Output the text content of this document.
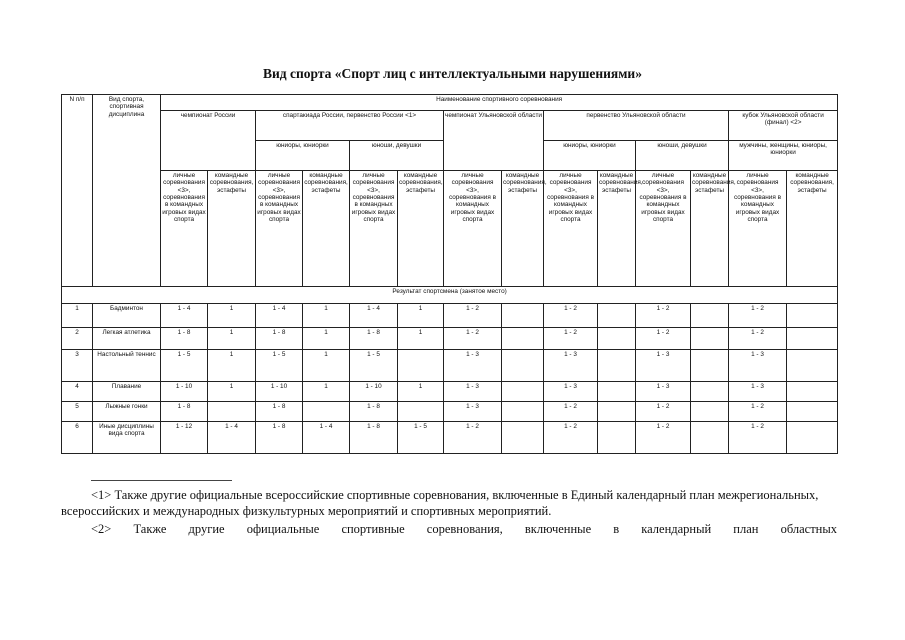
Вид спорта «Спорт лиц с интеллектуальными нарушениями»
N п/п	Вид спорта, спортивная дисциплина	Наименование спортивного соревнования													
		чемпионат России		спартакиада России, первенство России <1>				чемпионат Ульяновской области		первенство Ульяновской области				кубок Ульяновской области (финал) <2>	
				юниоры, юниорки		юноши, девушки				юниоры, юниорки		юноши, девушки		мужчины, женщины, юниоры, юниорки	
		личные соревнования <3>, соревнования в командных игровых видах спорта	командные соревнования, эстафеты	личные соревнования <3>, соревнования в командных игровых видах спорта	командные соревнования, эстафеты	личные соревнования <3>, соревнования в командных игровых видах спорта	командные соревнования, эстафеты	личные соревнования <3>, соревнования в командных игровых видах спорта	командные соревнования, эстафеты	личные соревнования <3>, соревнования в командных игровых видах спорта	командные соревнования, эстафеты	личные соревнования <3>, соревнования в командных игровых видах спорта	командные соревнования, эстафеты	личные соревнования <3>, соревнования в командных игровых видах спорта	командные соревнования, эстафеты
Результат спортсмена (занятое место)															
1	Бадминтон	1 - 4	1	1 - 4	1	1 - 4	1	1 - 2		1 - 2		1 - 2		1 - 2	
2	Легкая атлетика	1 - 8	1	1 - 8	1	1 - 8	1	1 - 2		1 - 2		1 - 2		1 - 2	
3	Настольный теннис	1 - 5	1	1 - 5	1	1 - 5		1 - 3		1 - 3		1 - 3		1 - 3	
4	Плавание	1 - 10	1	1 - 10	1	1 - 10	1	1 - 3		1 - 3		1 - 3		1 - 3	
5	Лыжные гонки	1 - 8		1 - 8		1 - 8		1 - 3		1 - 2		1 - 2		1 - 2	
6	Иные дисциплины вида спорта	1 - 12	1 - 4	1 - 8	1 - 4	1 - 8	1 - 5	1 - 2		1 - 2		1 - 2		1 - 2	
<1> Также другие официальные всероссийские спортивные соревнования, включенные в Единый календарный план межрегиональных, всероссийских и международных физкультурных мероприятий и спортивных мероприятий.
<2> Также другие официальные спортивные соревнования, включенные в календарный план областных
